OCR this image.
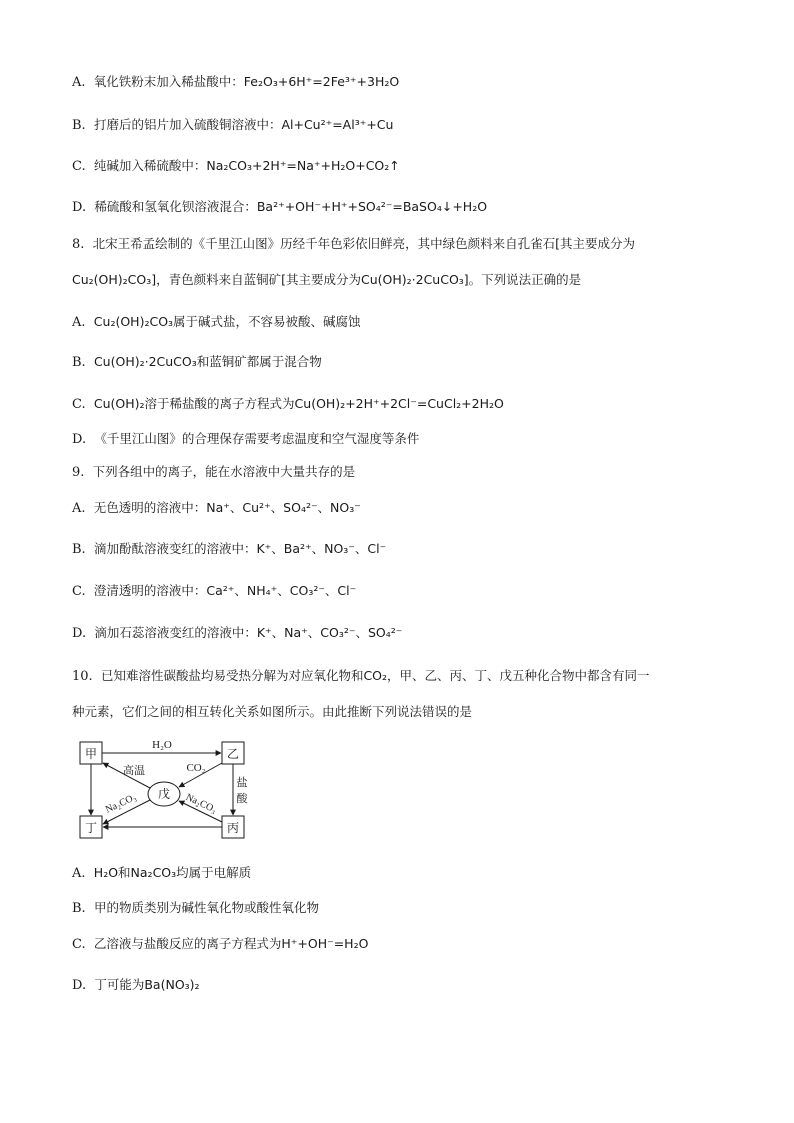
A. 氧化铁粉末加入稀盐酸中：Fe₂O₃+6H⁺=2Fe³⁺+3H₂O
B. 打磨后的铝片加入硫酸铜溶液中：Al+Cu²⁺=Al³⁺+Cu
C. 纯碱加入稀硫酸中：Na₂CO₃+2H⁺=Na⁺+H₂O+CO₂↑
D. 稀硫酸和氢氧化钡溶液混合：Ba²⁺+OH⁻+H⁺+SO₄²⁻=BaSO₄↓+H₂O
8. 北宋王希孟绘制的《千里江山图》历经千年色彩依旧鲜亮，其中绿色颜料来自孔雀石[其主要成分为
Cu₂(OH)₂CO₃]，青色颜料来自蓝铜矿[其主要成分为Cu(OH)₂·2CuCO₃]。下列说法正确的是
A. Cu₂(OH)₂CO₃属于碱式盐，不容易被酸、碱腐蚀
B. Cu(OH)₂·2CuCO₃和蓝铜矿都属于混合物
C. Cu(OH)₂溶于稀盐酸的离子方程式为Cu(OH)₂+2H⁺+2Cl⁻=CuCl₂+2H₂O
D. 《千里江山图》的合理保存需要考虑温度和空气湿度等条件
9. 下列各组中的离子，能在水溶液中大量共存的是
A. 无色透明的溶液中：Na⁺、Cu²⁺、SO₄²⁻、NO₃⁻
B. 滴加酚酞溶液变红的溶液中：K⁺、Ba²⁺、NO₃⁻、Cl⁻
C. 澄清透明的溶液中：Ca²⁺、NH₄⁺、CO₃²⁻、Cl⁻
D. 滴加石蕊溶液变红的溶液中：K⁺、Na⁺、CO₃²⁻、SO₄²⁻
10. 已知难溶性碳酸盐均易受热分解为对应氧化物和CO₂，甲、乙、丙、丁、戊五种化合物中都含有同一
种元素，它们之间的相互转化关系如图所示。由此推断下列说法错误的是
甲	乙
丁	丙
戊
H₂O
高温	CO₂
盐
酸
Na₂CO₃	Na₂CO₃
A. H₂O和Na₂CO₃均属于电解质
B. 甲的物质类别为碱性氧化物或酸性氧化物
C. 乙溶液与盐酸反应的离子方程式为H⁺+OH⁻=H₂O
D. 丁可能为Ba(NO₃)₂
